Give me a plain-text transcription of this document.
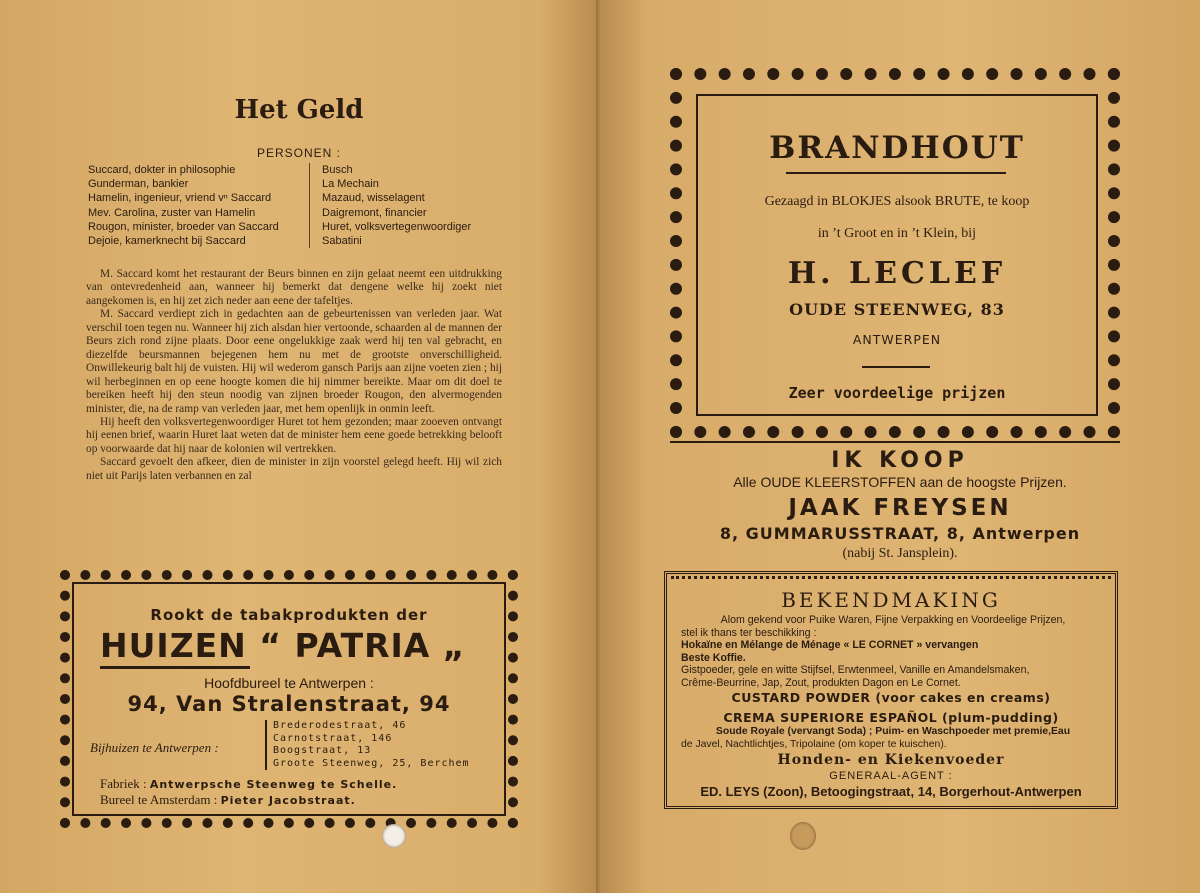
Het Geld
PERSONEN :
Succard, dokter in philosophie
Gunderman, bankier
Hamelin, ingenieur, vriend vⁿ Saccard
Mev. Carolina, zuster van Hamelin
Rougon, minister, broeder van Saccard
Dejoie, kamerknecht bij Saccard
Busch
La Mechain
Mazaud, wisselagent
Daigremont, financier
Huret, volksvertegenwoordiger
Sabatini

M. Saccard komt het restaurant der Beurs binnen en zijn gelaat neemt een uitdrukking van ontevredenheid aan, wanneer hij bemerkt dat dengene welke hij zoekt niet aangekomen is, en hij zet zich neder aan eene der tafeltjes.

M. Saccard verdiept zich in gedachten aan de gebeurtenissen van verleden jaar. Wat verschil toen tegen nu. Wanneer hij zich alsdan hier vertoonde, schaarden al de mannen der Beurs zich rond zijne plaats. Door eene ongelukkige zaak werd hij ten val gebracht, en diezelfde beursmannen bejegenen hem nu met de grootste onverschilligheid. Onwillekeurig balt hij de vuisten. Hij wil wederom gansch Parijs aan zijne voeten zien ; hij wil herbeginnen en op eene hoogte komen die hij nimmer bereikte. Maar om dit doel te bereiken heeft hij den steun noodig van zijnen broeder Rougon, den alvermogenden minister, die, na de ramp van verleden jaar, met hem openlijk in onmin leeft.

Hij heeft den volksvertegenwoordiger Huret tot hem gezonden; maar zooeven ontvangt hij eenen brief, waarin Huret laat weten dat de minister hem eene goede betrekking belooft op voorwaarde dat hij naar de kolonien wil vertrekken.

Saccard gevoelt den afkeer, dien de minister in zijn voorstel gelegd heeft. Hij wil zich niet uit Parijs laten verbannen en zal

Rookt de tabakprodukten der
HUIZEN “ PATRIA „
Hoofdbureel te Antwerpen :
94, Van Stralenstraat, 94
Bijhuizen te Antwerpen :
Brederodestraat, 46
Carnotstraat, 146
Boogstraat, 13
Groote Steenweg, 25, Berchem
Fabriek : Antwerpsche Steenweg te Schelle.
Bureel te Amsterdam : Pieter Jacobstraat.
BRANDHOUT
Gezaagd in BLOKJES alsook BRUTE, te koop
in ’t Groot en in ’t Klein, bij
H. LECLEF
OUDE STEENWEG, 83
ANTWERPEN
Zeer voordeelige prijzen
IK KOOP
Alle OUDE KLEERSTOFFEN aan de hoogste Prijzen.
JAAK FREYSEN
8, GUMMARUSSTRAAT, 8, Antwerpen
(nabij St. Jansplein).
BEKENDMAKING
Alom gekend voor Puike Waren, Fijne Verpakking en Voordeelige Prijzen,
stel ik thans ter beschikking :
Hokaïne en Mélange de Ménage « LE CORNET » vervangen
Beste Koffie.
Gistpoeder, gele en witte Stijfsel, Erwtenmeel, Vanille en Amandelsmaken,
Crême-Beurrine, Jap, Zout, produkten Dagon en Le Cornet.
CUSTARD POWDER (voor cakes en creams)
CREMA SUPERIORE ESPAÑOL (plum-pudding)
Soude Royale (vervangt Soda) ; Puim- en Waschpoeder met premie,Eau
de Javel, Nachtlichtjes, Tripolaine (om koper te kuischen).
Honden- en Kiekenvoeder
GENERAAL-AGENT :
ED. LEYS (Zoon), Betoogingstraat, 14, Borgerhout-Antwerpen
